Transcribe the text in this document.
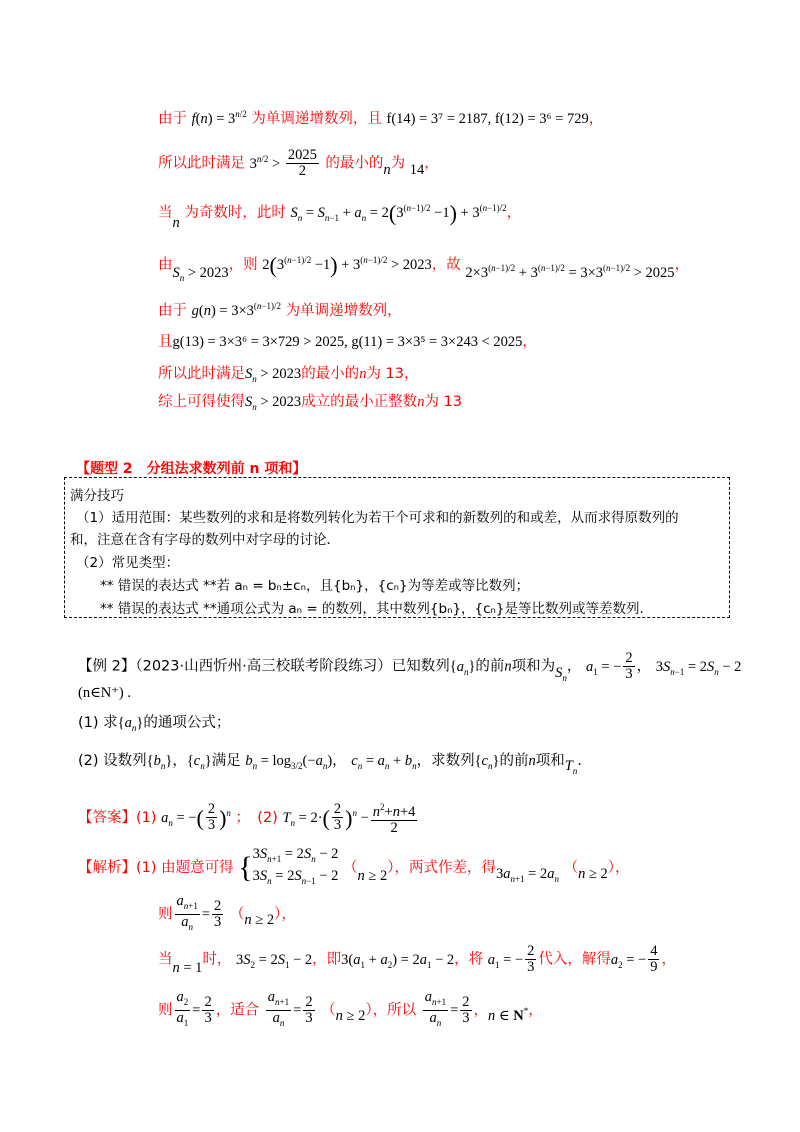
由于 $f(n) = 3^{n/2}$ 为单调递增数列，且 f(14) = 3⁷ = 2187, f(12) = 3⁶ = 729，
所以此时满足 $3^{n/2} > \frac{2025}{2}$ 的最小的n为 14，
当n 为奇数时，此时 $S_n = S_{n-1} + a_n = 2(3^{(n-1)/2} -1) + 3^{(n-1)/2}$，
由$S_n > 2023$，则 $2(3^{(n-1)/2} -1) + 3^{(n-1)/2} > 2023$，故 $2\times 3^{(n-1)/2} + 3^{(n-1)/2} = 3\times 3^{(n-1)/2} > 2025$，
由于 $g(n) = 3\times 3^{(n-1)/2}$ 为单调递增数列，
且g(13) = 3×3⁶ = 3×729 > 2025, g(11) = 3×3⁵ = 3×243 < 2025，
所以此时满足$S_n > 2023$的最小的n为 13，
综上可得使得$S_n > 2023$成立的最小正整数n为 13
【题型 2　分组法求数列前 n 项和】
满分技巧
（1）适用范围：某些数列的求和是将数列转化为若干个可求和的新数列的和或差，从而求得原数列的
和，注意在含有字母的数列中对字母的讨论．
（2）常见类型：
** 错误的表达式 **若 aₙ = bₙ±cₙ，且{bₙ}，{cₙ}为等差或等比数列；
** 错误的表达式 **通项公式为 aₙ = 的数列，其中数列{bₙ}，{cₙ}是等比数列或等差数列.
【例 2】（2023·山西忻州·高三校联考阶段练习）已知数列$\{a_n\}$的前n项和为$S_n$， $a_1$ = − $\frac{2}{3}$ ， $3S_{n-1} = 2S_n - 2$
(n∈N⁺) .
(1) 求$\{a_n\}$的通项公式；
(2) 设数列$\{b_n\}$，$\{c_n\}$满足 $b_n = \log_{3/2}(-a_n)$， $c_n = a_n + b_n$，求数列$\{c_n\}$的前n项和$T_n$.
【答案】(1) $a_n$ = −( $\frac{2}{3} )^n$ ；　(2) $T_n = 2\cdot( \frac{2}{3} )^n - \frac{n^2+n+4}{2}$
【解析】(1) 由题意可得 {$3S_{n+1} = 2S_n - 2$
$3S_n = 2S_{n-1} - 2$ （n ≥ 2），两式作差，得$3a_{n+1} = 2a_n$ （n ≥ 2），
则 $\frac{a_{n+1}}{a_n} = \frac{2}{3} (n \ge 2)$，
当n = 1时， $3S_2 = 2S_1 - 2$，即$3(a_1 + a_2) = 2a_1 - 2$，将 $a_1$ = − $\frac{2}{3}$ 代入，解得$a_2$ = − $\frac{4}{9}$ ，
则 $\frac{a_2}{a_1} = \frac{2}{3}$ ，适合 $\frac{a_{n+1}}{a_n} = \frac{2}{3} (n \ge 2)$，所以 $\frac{a_{n+1}}{a_n} = \frac{2}{3}$ ，n ∈ N*，
